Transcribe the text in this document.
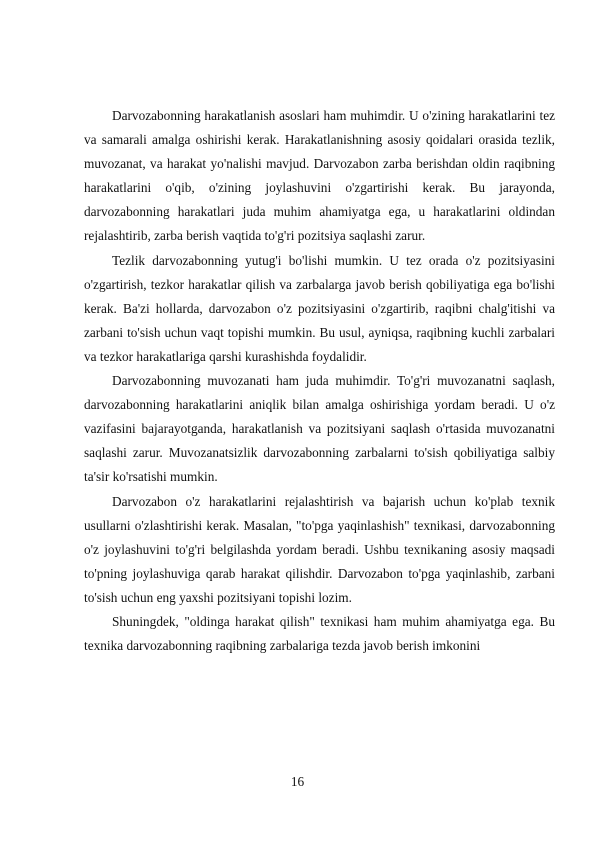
Darvozabonning harakatlanish asoslari ham muhimdir. U o'zining harakatlarini tez va samarali amalga oshirishi kerak. Harakatlanishning asosiy qoidalari orasida tezlik, muvozanat, va harakat yo'nalishi mavjud. Darvozabon zarba berishdan oldin raqibning harakatlarini o'qib, o'zining joylashuvini o'zgartirishi kerak. Bu jarayonda, darvozabonning harakatlari juda muhim ahamiyatga ega, u harakatlarini oldindan rejalashtirib, zarba berish vaqtida to'g'ri pozitsiya saqlashi zarur.

Tezlik darvozabonning yutug'i bo'lishi mumkin. U tez orada o'z pozitsiyasini o'zgartirish, tezkor harakatlar qilish va zarbalarga javob berish qobiliyatiga ega bo'lishi kerak. Ba'zi hollarda, darvozabon o'z pozitsiyasini o'zgartirib, raqibni chalg'itishi va zarbani to'sish uchun vaqt topishi mumkin. Bu usul, ayniqsa, raqibning kuchli zarbalari va tezkor harakatlariga qarshi kurashishda foydalidir.

Darvozabonning muvozanati ham juda muhimdir. To'g'ri muvozanatni saqlash, darvozabonning harakatlarini aniqlik bilan amalga oshirishiga yordam beradi. U o'z vazifasini bajarayotganda, harakatlanish va pozitsiyani saqlash o'rtasida muvozanatni saqlashi zarur. Muvozanatsizlik darvozabonning zarbalarni to'sish qobiliyatiga salbiy ta'sir ko'rsatishi mumkin.

Darvozabon o'z harakatlarini rejalashtirish va bajarish uchun ko'plab texnik usullarni o'zlashtirishi kerak. Masalan, "to'pga yaqinlashish" texnikasi, darvozabonning o'z joylashuvini to'g'ri belgilashda yordam beradi. Ushbu texnikaning asosiy maqsadi to'pning joylashuviga qarab harakat qilishdir. Darvozabon to'pga yaqinlashib, zarbani to'sish uchun eng yaxshi pozitsiyani topishi lozim.

Shuningdek, "oldinga harakat qilish" texnikasi ham muhim ahamiyatga ega. Bu texnika darvozabonning raqibning zarbalariga tezda javob berish imkonini

16
